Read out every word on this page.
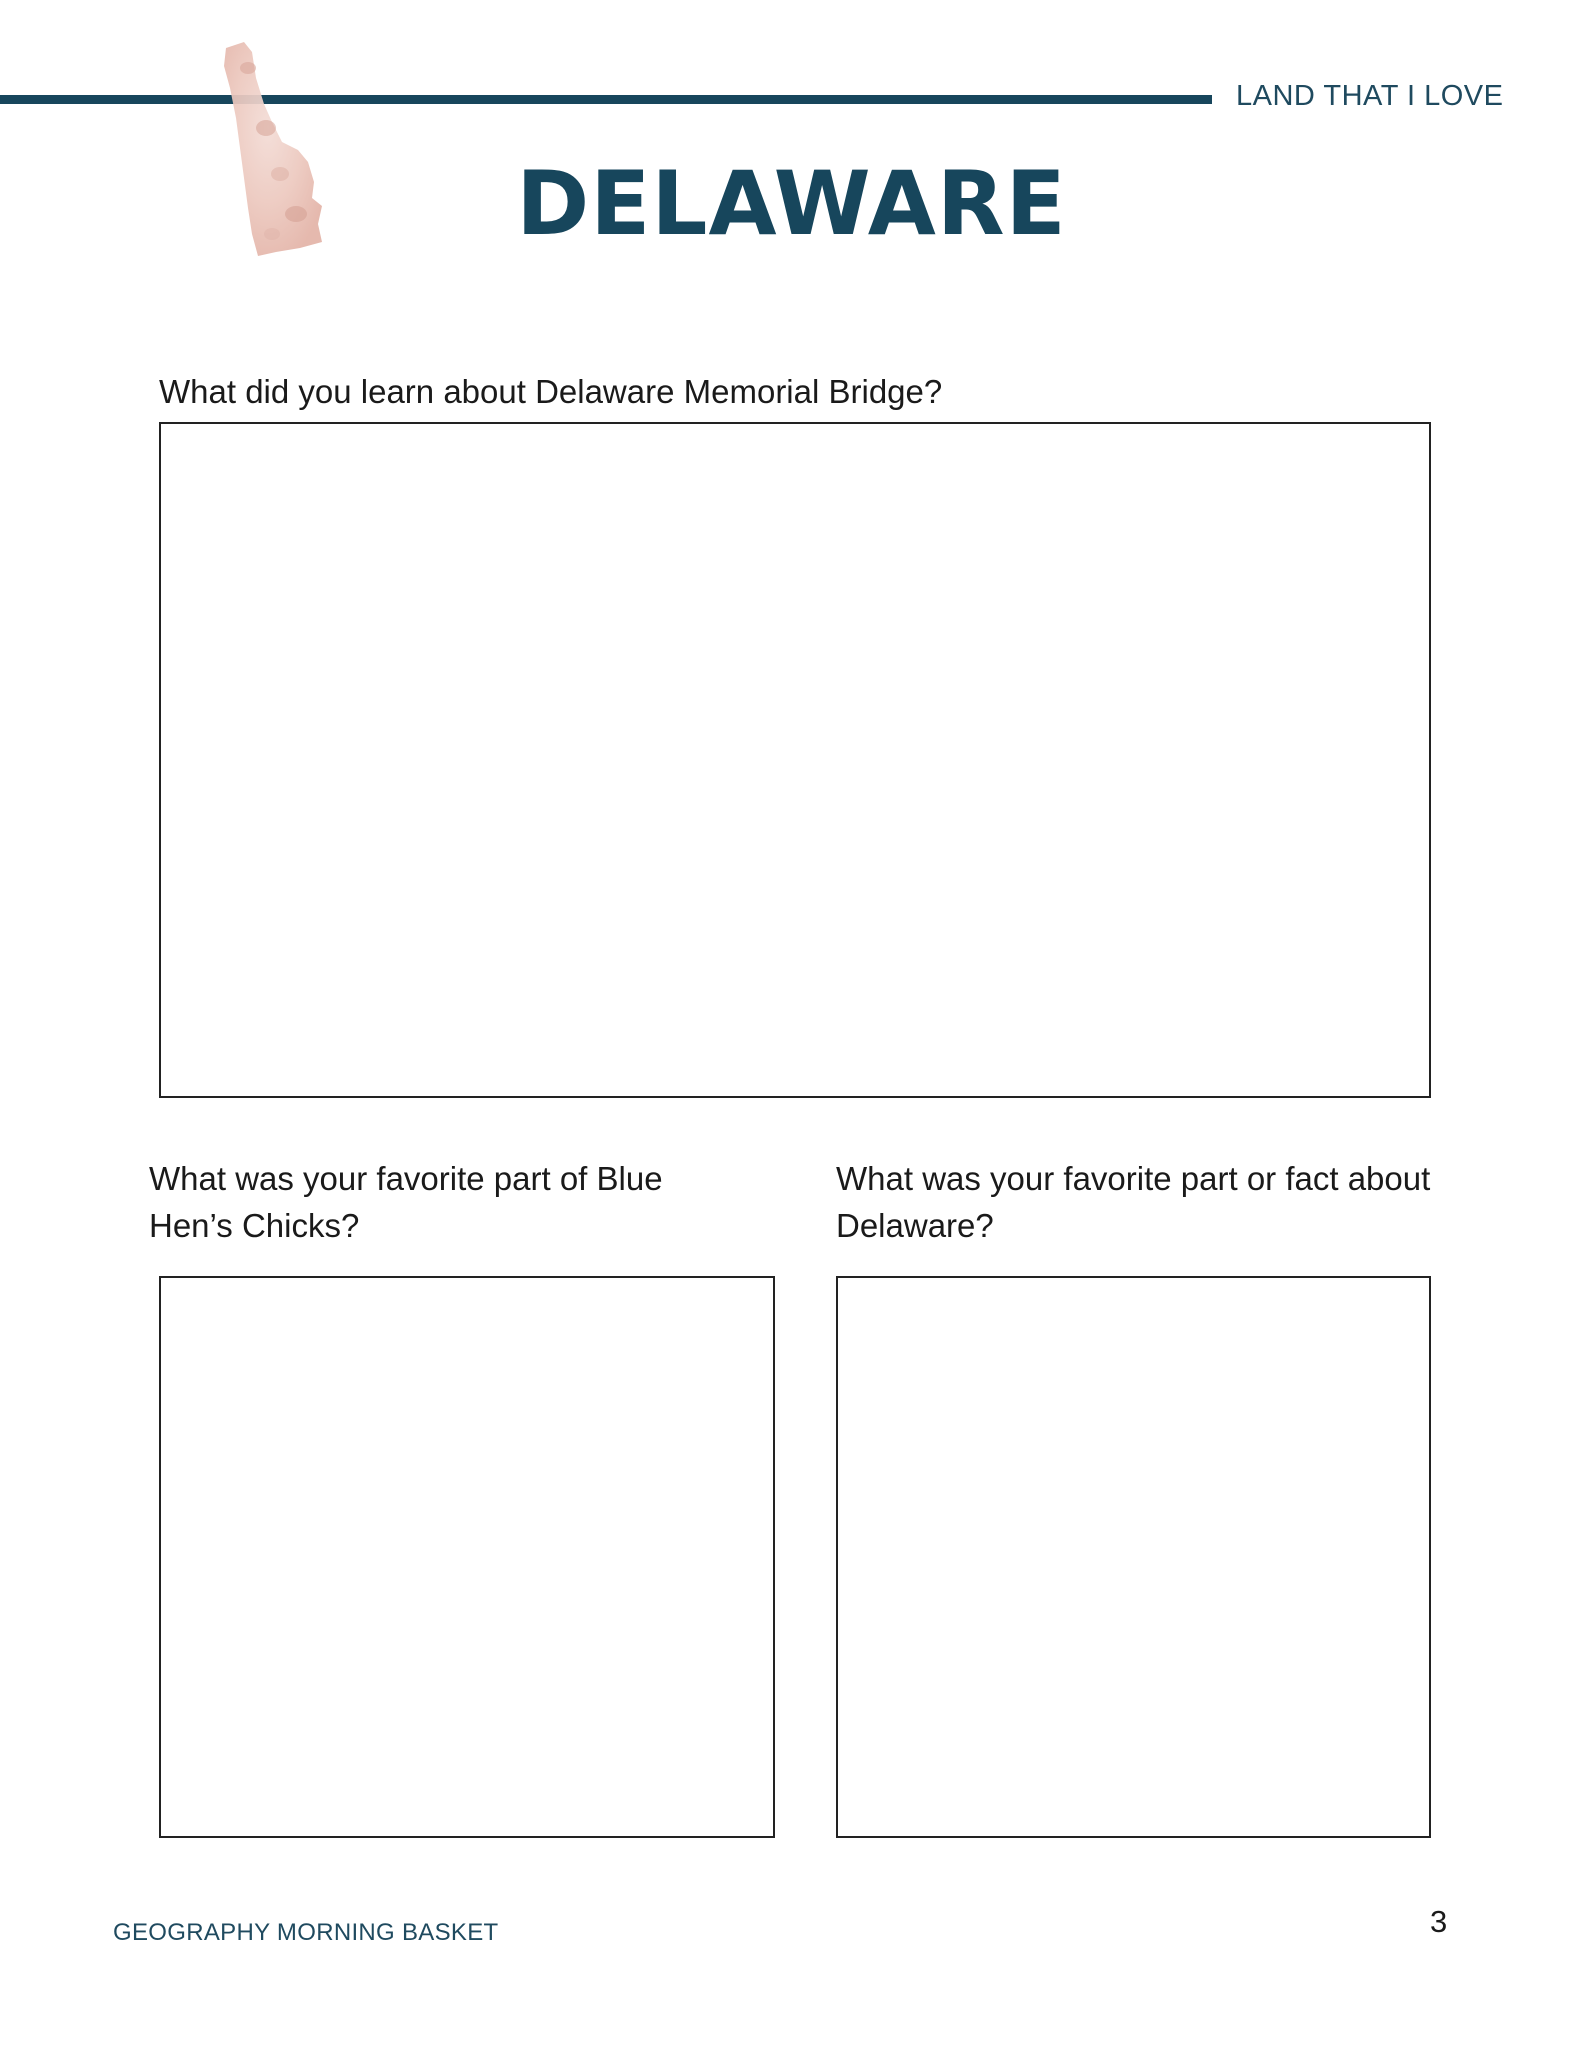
LAND THAT I LOVE
DELAWARE
What did you learn about Delaware Memorial Bridge?
What was your favorite part of Blue Hen’s Chicks?
What was your favorite part or fact about Delaware?
GEOGRAPHY MORNING BASKET	3
